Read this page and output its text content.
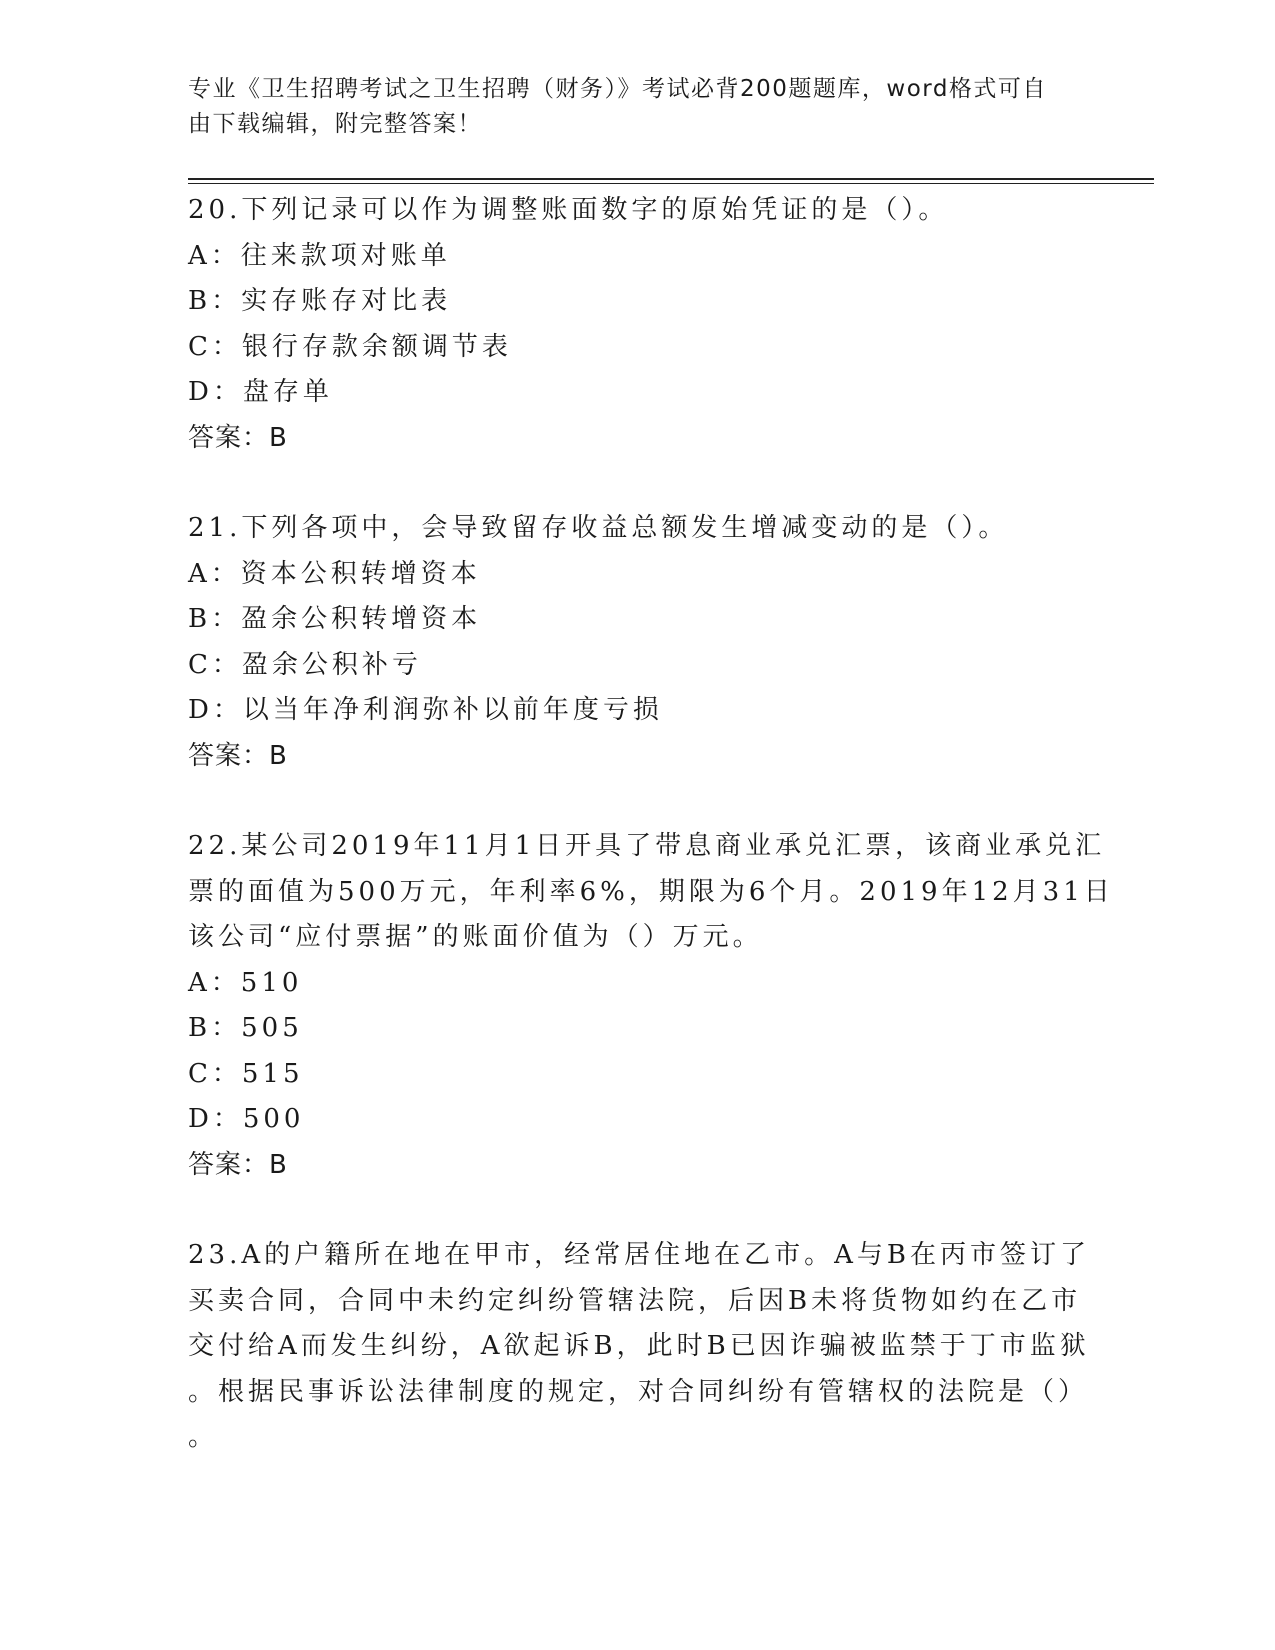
专业《卫生招聘考试之卫生招聘（财务）》考试必背200题题库，word格式可自
由下载编辑，附完整答案！
20.下列记录可以作为调整账面数字的原始凭证的是（）。
A：往来款项对账单
B：实存账存对比表
C：银行存款余额调节表
D：盘存单
答案：B
21.下列各项中，会导致留存收益总额发生增减变动的是（）。
A：资本公积转增资本
B：盈余公积转增资本
C：盈余公积补亏
D：以当年净利润弥补以前年度亏损
答案：B
22.某公司2019年11月1日开具了带息商业承兑汇票，该商业承兑汇
票的面值为500万元，年利率6%，期限为6个月。2019年12月31日
该公司“应付票据”的账面价值为（）万元。
A：510
B：505
C：515
D：500
答案：B
23.A的户籍所在地在甲市，经常居住地在乙市。A与B在丙市签订了
买卖合同，合同中未约定纠纷管辖法院，后因B未将货物如约在乙市
交付给A而发生纠纷，A欲起诉B，此时B已因诈骗被监禁于丁市监狱
。根据民事诉讼法律制度的规定，对合同纠纷有管辖权的法院是（）
。
